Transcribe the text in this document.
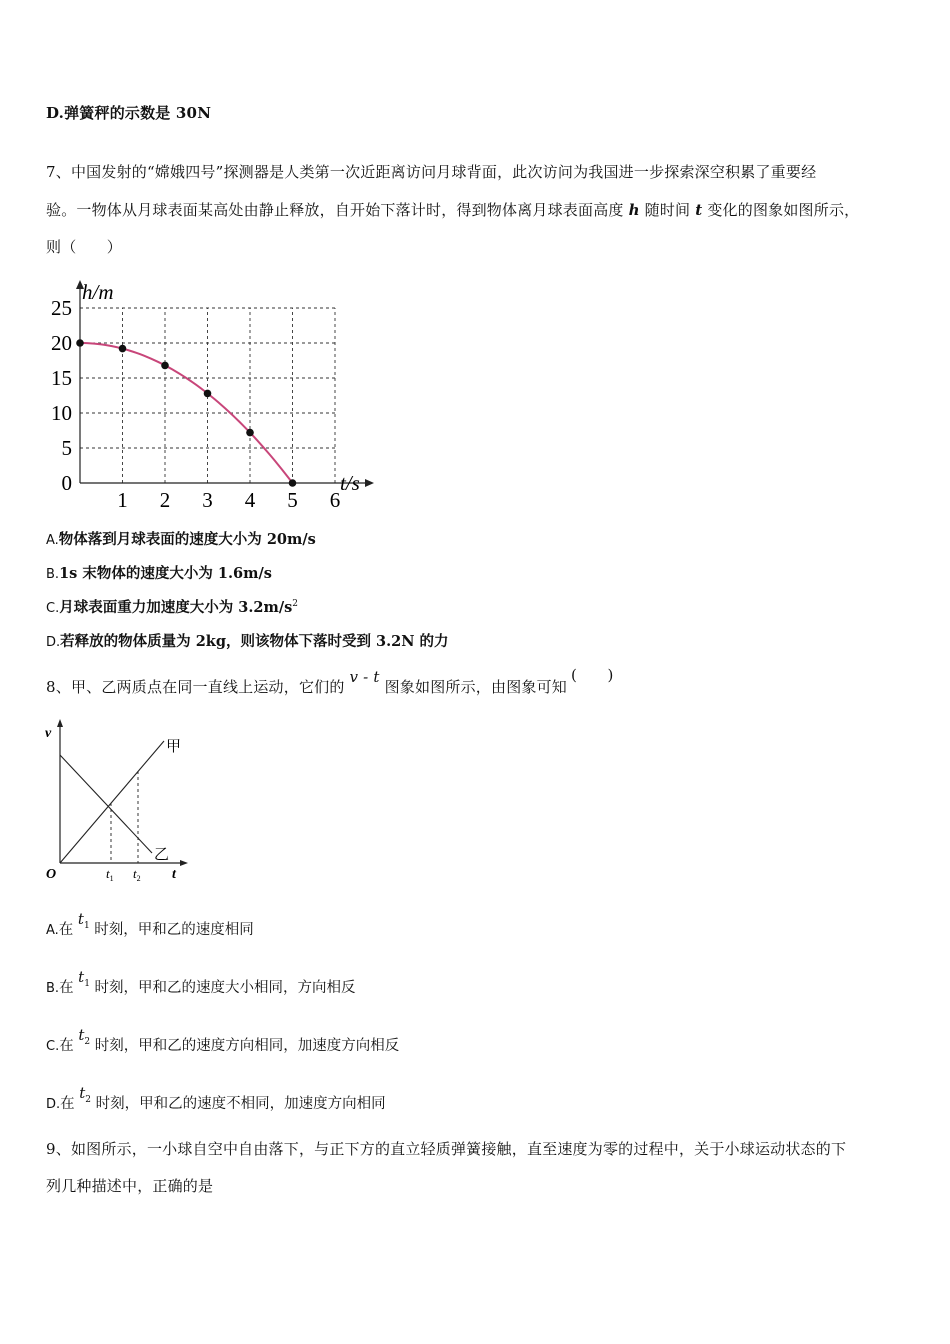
D.弹簧秤的示数是 30N
7、中国发射的“嫦娥四号”探测器是人类第一次近距离访问月球背面，此次访问为我国进一步探索深空积累了重要经
验。一物体从月球表面某高处由静止释放，自开始下落计时，得到物体离月球表面高度 h 随时间 t 变化的图象如图所示，
则（　　）
0
5
10
15
20
25
1 2 3 4 5 6
h/m
t/s
A.物体落到月球表面的速度大小为 20m/s
B.1s 末物体的速度大小为 1.6m/s
C.月球表面重力加速度大小为 $3.2m/s^2$
D.若释放的物体质量为 2kg，则该物体下落时受到 3.2N 的力
8、甲、乙两质点在同一直线上运动，它们的 v - t 图象如图所示，由图象可知(　　)
v
O	t
$t_1$ $t_2$
甲
乙
A.在 $t_1$ 时刻，甲和乙的速度相同
B.在 $t_1$ 时刻，甲和乙的速度大小相同，方向相反
C.在 $t_2$ 时刻，甲和乙的速度方向相同，加速度方向相反
D.在 $t_2$ 时刻，甲和乙的速度不相同，加速度方向相同
9、如图所示，一小球自空中自由落下，与正下方的直立轻质弹簧接触，直至速度为零的过程中，关于小球运动状态的下
列几种描述中，正确的是
